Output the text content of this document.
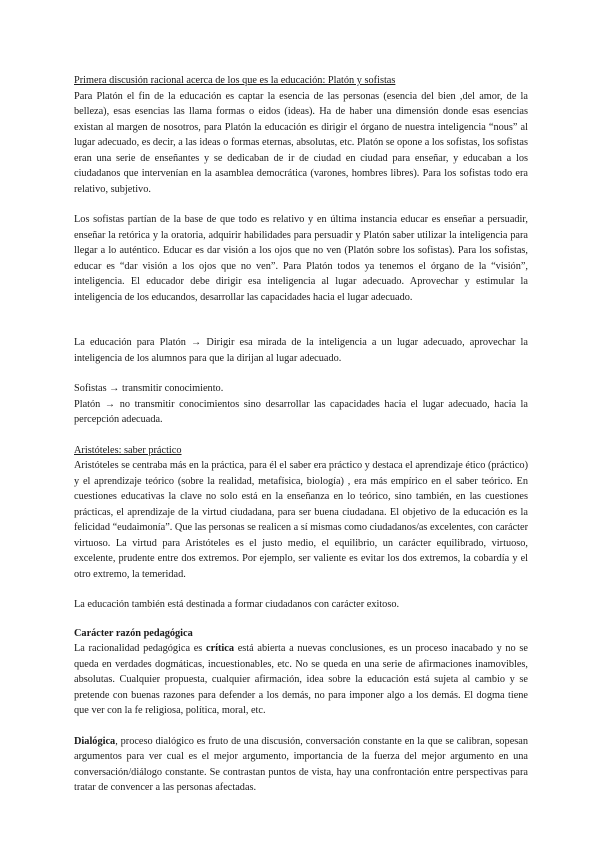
Primera discusión racional acerca de los que es la educación: Platón y sofistas

Para Platón el fin de la educación es captar la esencia de las personas (esencia del bien ,del amor, de la belleza), esas esencias las llama formas o eidos (ideas). Ha de haber una dimensión donde esas esencias existan al margen de nosotros, para Platón la educación es dirigir el órgano de nuestra inteligencia “nous” al lugar adecuado, es decir, a las ideas o formas eternas, absolutas, etc. Platón se opone a los sofistas, los sofistas eran una serie de enseñantes y se dedicaban de ir de ciudad en ciudad para enseñar, y educaban a los ciudadanos que intervenían en la asamblea democrática (varones, hombres libres). Para los sofistas todo era relativo, subjetivo.

Los sofistas partían de la base de que todo es relativo y en última instancia educar es enseñar a persuadir, enseñar la retórica y la oratoria, adquirir habilidades para persuadir y Platón saber utilizar la inteligencia para llegar a lo auténtico. Educar es dar visión a los ojos que no ven (Platón sobre los sofistas). Para los sofistas, educar es “dar visión a los ojos que no ven”. Para Platón todos ya tenemos el órgano de la “visión”, inteligencia. El educador debe dirigir esa inteligencia al lugar adecuado. Aprovechar y estimular la inteligencia de los educandos, desarrollar las capacidades hacia el lugar adecuado.

La educación para Platón → Dirigir esa mirada de la inteligencia a un lugar adecuado, aprovechar la inteligencia de los alumnos para que la dirijan al lugar adecuado.

Sofistas → transmitir conocimiento.

Platón → no transmitir conocimientos sino desarrollar las capacidades hacia el lugar adecuado, hacia la percepción adecuada.

Aristóteles: saber práctico

Aristóteles se centraba más en la práctica, para él el saber era práctico y destaca el aprendizaje ético (práctico) y el aprendizaje teórico (sobre la realidad, metafísica, biología) , era más empírico en el saber teórico. En cuestiones educativas la clave no solo está en la enseñanza en lo teórico, sino también, en las cuestiones prácticas, el aprendizaje de la virtud ciudadana, para ser buena ciudadana. El objetivo de la educación es la felicidad “eudaimonía”. Que las personas se realicen a sí mismas como ciudadanos/as excelentes, con carácter virtuoso. La virtud para Aristóteles es el justo medio, el equilibrio, un carácter equilibrado, virtuoso, excelente, prudente entre dos extremos. Por ejemplo, ser valiente es evitar los dos extremos, la cobardía y el otro extremo, la temeridad.

La educación también está destinada a formar ciudadanos con carácter exitoso.

Carácter razón pedagógica

La racionalidad pedagógica es crítica está abierta a nuevas conclusiones, es un proceso inacabado y no se queda en verdades dogmáticas, incuestionables, etc. No se queda en una serie de afirmaciones inamovibles, absolutas. Cualquier propuesta, cualquier afirmación, idea sobre la educación está sujeta al cambio y se pretende con buenas razones para defender a los demás, no para imponer algo a los demás. El dogma tiene que ver con la fe religiosa, política, moral, etc.

Dialógica, proceso dialógico es fruto de una discusión, conversación constante en la que se calibran, sopesan argumentos para ver cual es el mejor argumento, importancia de la fuerza del mejor argumento en una conversación/diálogo constante. Se contrastan puntos de vista, hay una confrontación entre perspectivas para tratar de convencer a las personas afectadas.
